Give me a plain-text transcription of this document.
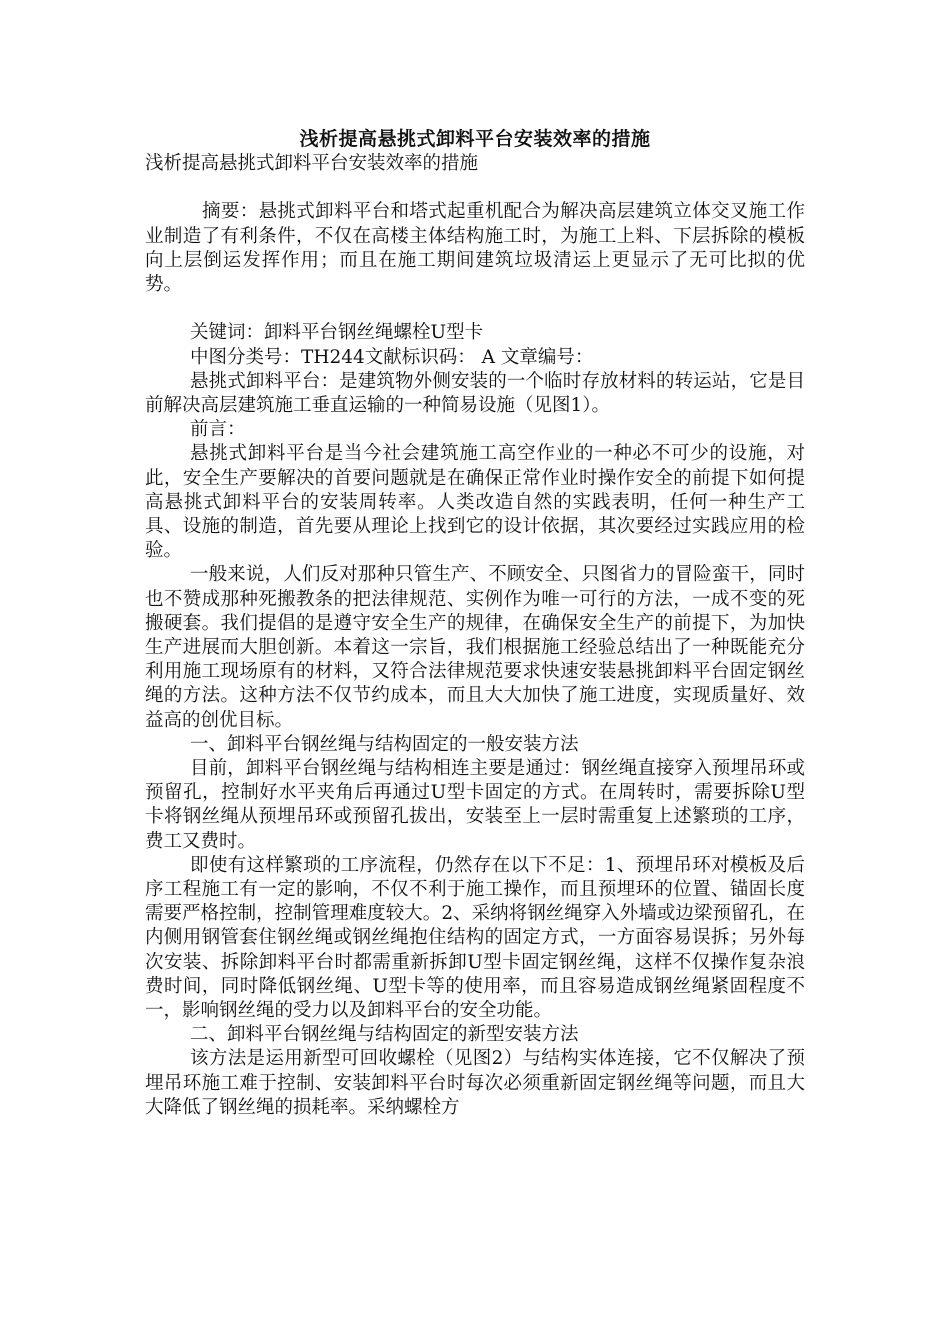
浅析提高悬挑式卸料平台安装效率的措施

浅析提高悬挑式卸料平台安装效率的措施

摘要：悬挑式卸料平台和塔式起重机配合为解决高层建筑立体交叉施工作业制造了有利条件，不仅在高楼主体结构施工时，为施工上料、下层拆除的模板向上层倒运发挥作用；而且在施工期间建筑垃圾清运上更显示了无可比拟的优势。

关键词：卸料平台钢丝绳螺栓U型卡

中图分类号：TH244文献标识码： A 文章编号：

悬挑式卸料平台：是建筑物外侧安装的一个临时存放材料的转运站，它是目前解决高层建筑施工垂直运输的一种简易设施（见图1）。

前言：

悬挑式卸料平台是当今社会建筑施工高空作业的一种必不可少的设施，对此，安全生产要解决的首要问题就是在确保正常作业时操作安全的前提下如何提高悬挑式卸料平台的安装周转率。人类改造自然的实践表明，任何一种生产工具、设施的制造，首先要从理论上找到它的设计依据，其次要经过实践应用的检验。

一般来说，人们反对那种只管生产、不顾安全、只图省力的冒险蛮干，同时也不赞成那种死搬教条的把法律规范、实例作为唯一可行的方法，一成不变的死搬硬套。我们提倡的是遵守安全生产的规律，在确保安全生产的前提下，为加快生产进展而大胆创新。本着这一宗旨，我们根据施工经验总结出了一种既能充分利用施工现场原有的材料，又符合法律规范要求快速安装悬挑卸料平台固定钢丝绳的方法。这种方法不仅节约成本，而且大大加快了施工进度，实现质量好、效益高的创优目标。

一、卸料平台钢丝绳与结构固定的一般安装方法

目前，卸料平台钢丝绳与结构相连主要是通过：钢丝绳直接穿入预埋吊环或预留孔，控制好水平夹角后再通过U型卡固定的方式。在周转时，需要拆除U型卡将钢丝绳从预埋吊环或预留孔拔出，安装至上一层时需重复上述繁琐的工序，费工又费时。

即使有这样繁琐的工序流程，仍然存在以下不足：1、预埋吊环对模板及后序工程施工有一定的影响，不仅不利于施工操作，而且预埋环的位置、锚固长度需要严格控制，控制管理难度较大。2、采纳将钢丝绳穿入外墙或边梁预留孔，在内侧用钢管套住钢丝绳或钢丝绳抱住结构的固定方式，一方面容易误拆；另外每次安装、拆除卸料平台时都需重新拆卸U型卡固定钢丝绳，这样不仅操作复杂浪费时间，同时降低钢丝绳、U型卡等的使用率，而且容易造成钢丝绳紧固程度不一，影响钢丝绳的受力以及卸料平台的安全功能。

二、卸料平台钢丝绳与结构固定的新型安装方法

该方法是运用新型可回收螺栓（见图2）与结构实体连接，它不仅解决了预埋吊环施工难于控制、安装卸料平台时每次必须重新固定钢丝绳等问题，而且大大降低了钢丝绳的损耗率。采纳螺栓方
